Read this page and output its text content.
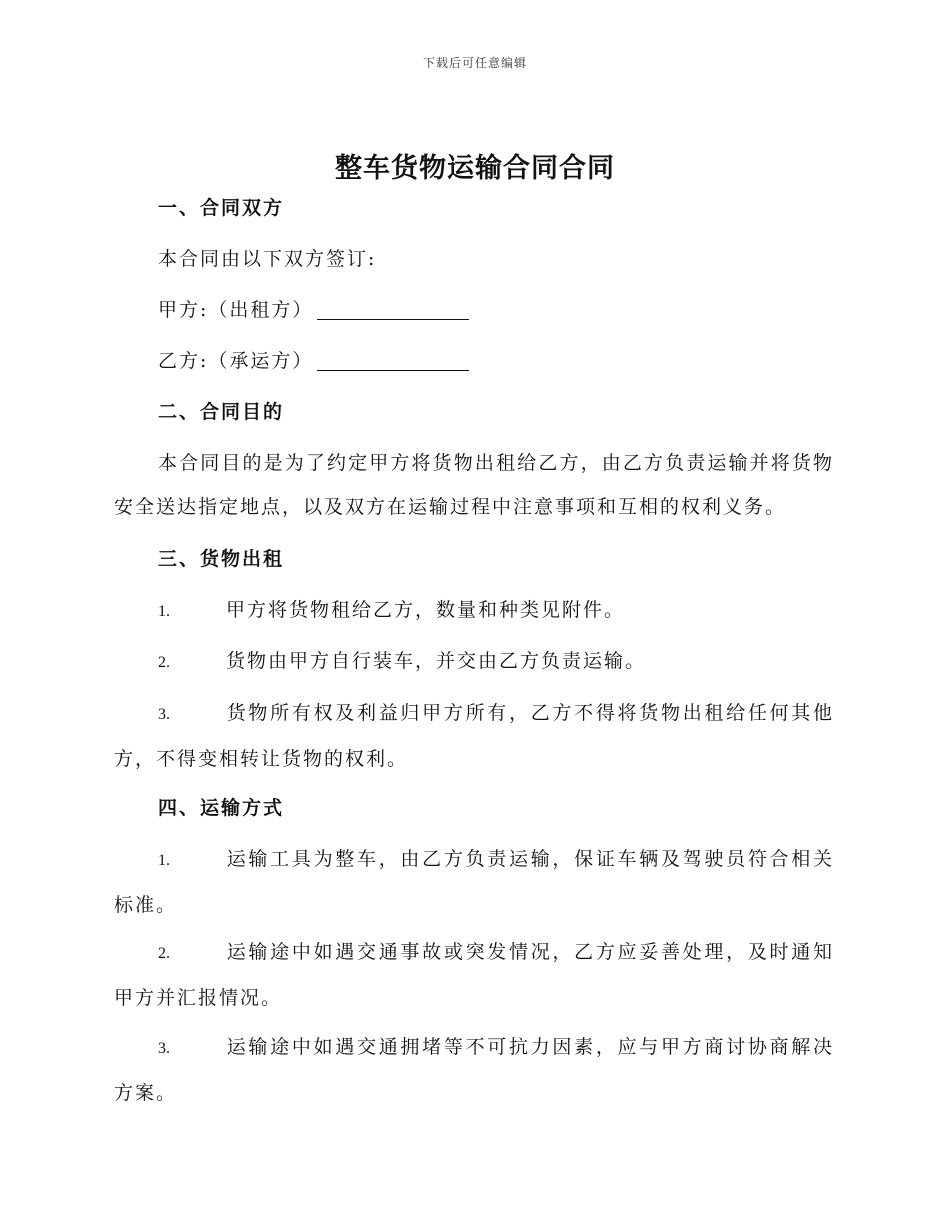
下载后可任意编辑
整车货物运输合同合同
一、合同双方
本合同由以下双方签订:
甲方:（出租方）
乙方:（承运方）
二、合同目的
本合同目的是为了约定甲方将货物出租给乙方，由乙方负责运输并将货物安全送达指定地点，以及双方在运输过程中注意事项和互相的权利义务。
三、货物出租
1.	甲方将货物租给乙方，数量和种类见附件。
2.	货物由甲方自行装车，并交由乙方负责运输。
3.	货物所有权及利益归甲方所有，乙方不得将货物出租给任何其他方，不得变相转让货物的权利。
四、运输方式
1.	运输工具为整车，由乙方负责运输，保证车辆及驾驶员符合相关标准。
2.	运输途中如遇交通事故或突发情况，乙方应妥善处理，及时通知甲方并汇报情况。
3.	运输途中如遇交通拥堵等不可抗力因素，应与甲方商讨协商解决方案。
